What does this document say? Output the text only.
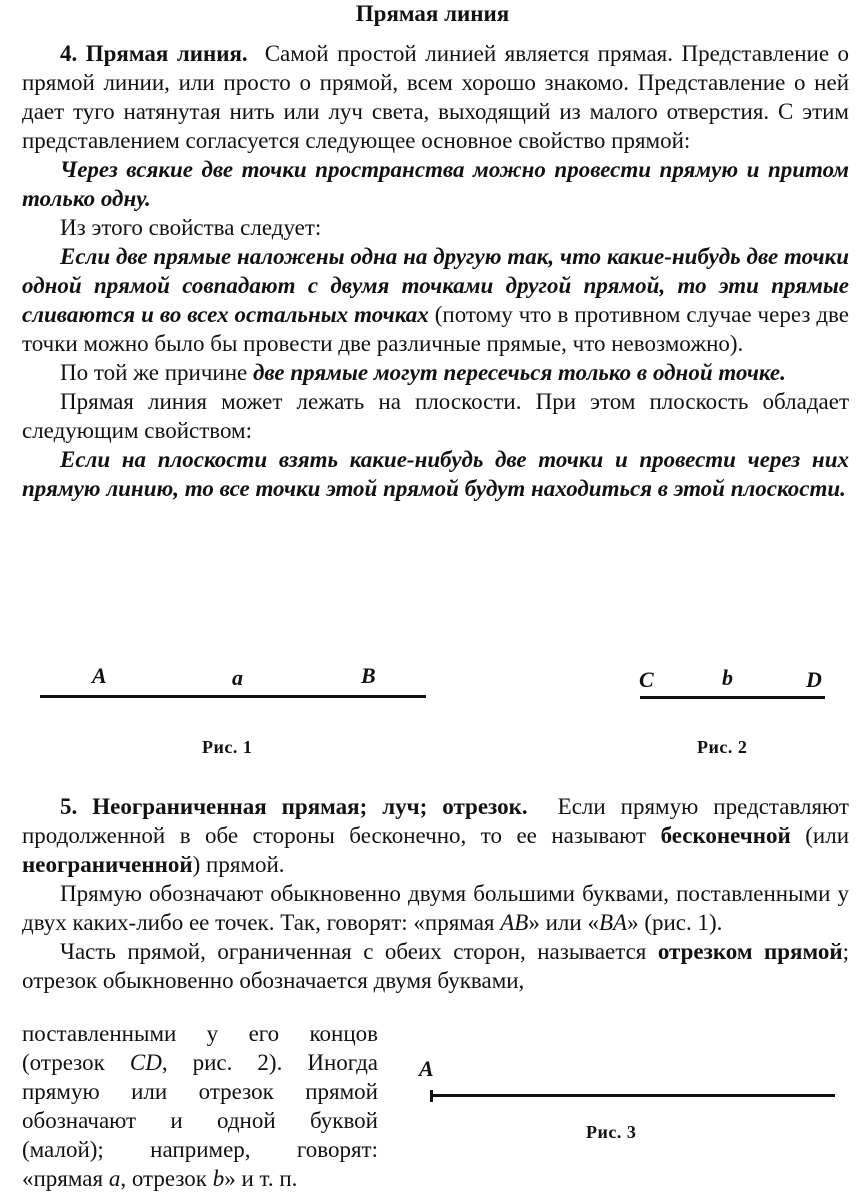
Прямая линия

4. Прямая линия. Самой простой линией является прямая. Представление о прямой линии, или просто о прямой, всем хорошо знакомо. Представление о ней дает туго натянутая нить или луч света, выходящий из малого отверстия. С этим представлением согласуется следующее основное свойство прямой:

Через всякие две точки пространства можно провести прямую и притом только одну.

Из этого свойства следует:

Если две прямые наложены одна на другую так, что какие-нибудь две точки одной прямой совпадают с двумя точками другой прямой, то эти прямые сливаются и во всех остальных точках (потому что в противном случае через две точки можно было бы провести две различные прямые, что невозможно).

По той же причине две прямые могут пересечься только в одной точке.

Прямая линия может лежать на плоскости. При этом плоскость обладает следующим свойством:

Если на плоскости взять какие-нибудь две точки и провести через них прямую линию, то все точки этой прямой будут находиться в этой плоскости.

A	a	B
Рис. 1
C	b	D
Рис. 2

5. Неограниченная прямая; луч; отрезок. Если прямую представляют продолженной в обе стороны бесконечно, то ее называют бесконечной (или неограниченной) прямой.

Прямую обозначают обыкновенно двумя большими буквами, поставленными у двух каких-либо ее точек. Так, говорят: «прямая AB» или «BA» (рис. 1).

Часть прямой, ограниченная с обеих сторон, называется отрезком прямой; отрезок обыкновенно обозначается двумя буквами,

поставленными у его концов (отрезок CD, рис. 2). Иногда прямую или отрезок прямой обозначают и одной буквой (малой); например, говорят: «прямая a, отрезок b» и т. п.
A
Рис. 3
